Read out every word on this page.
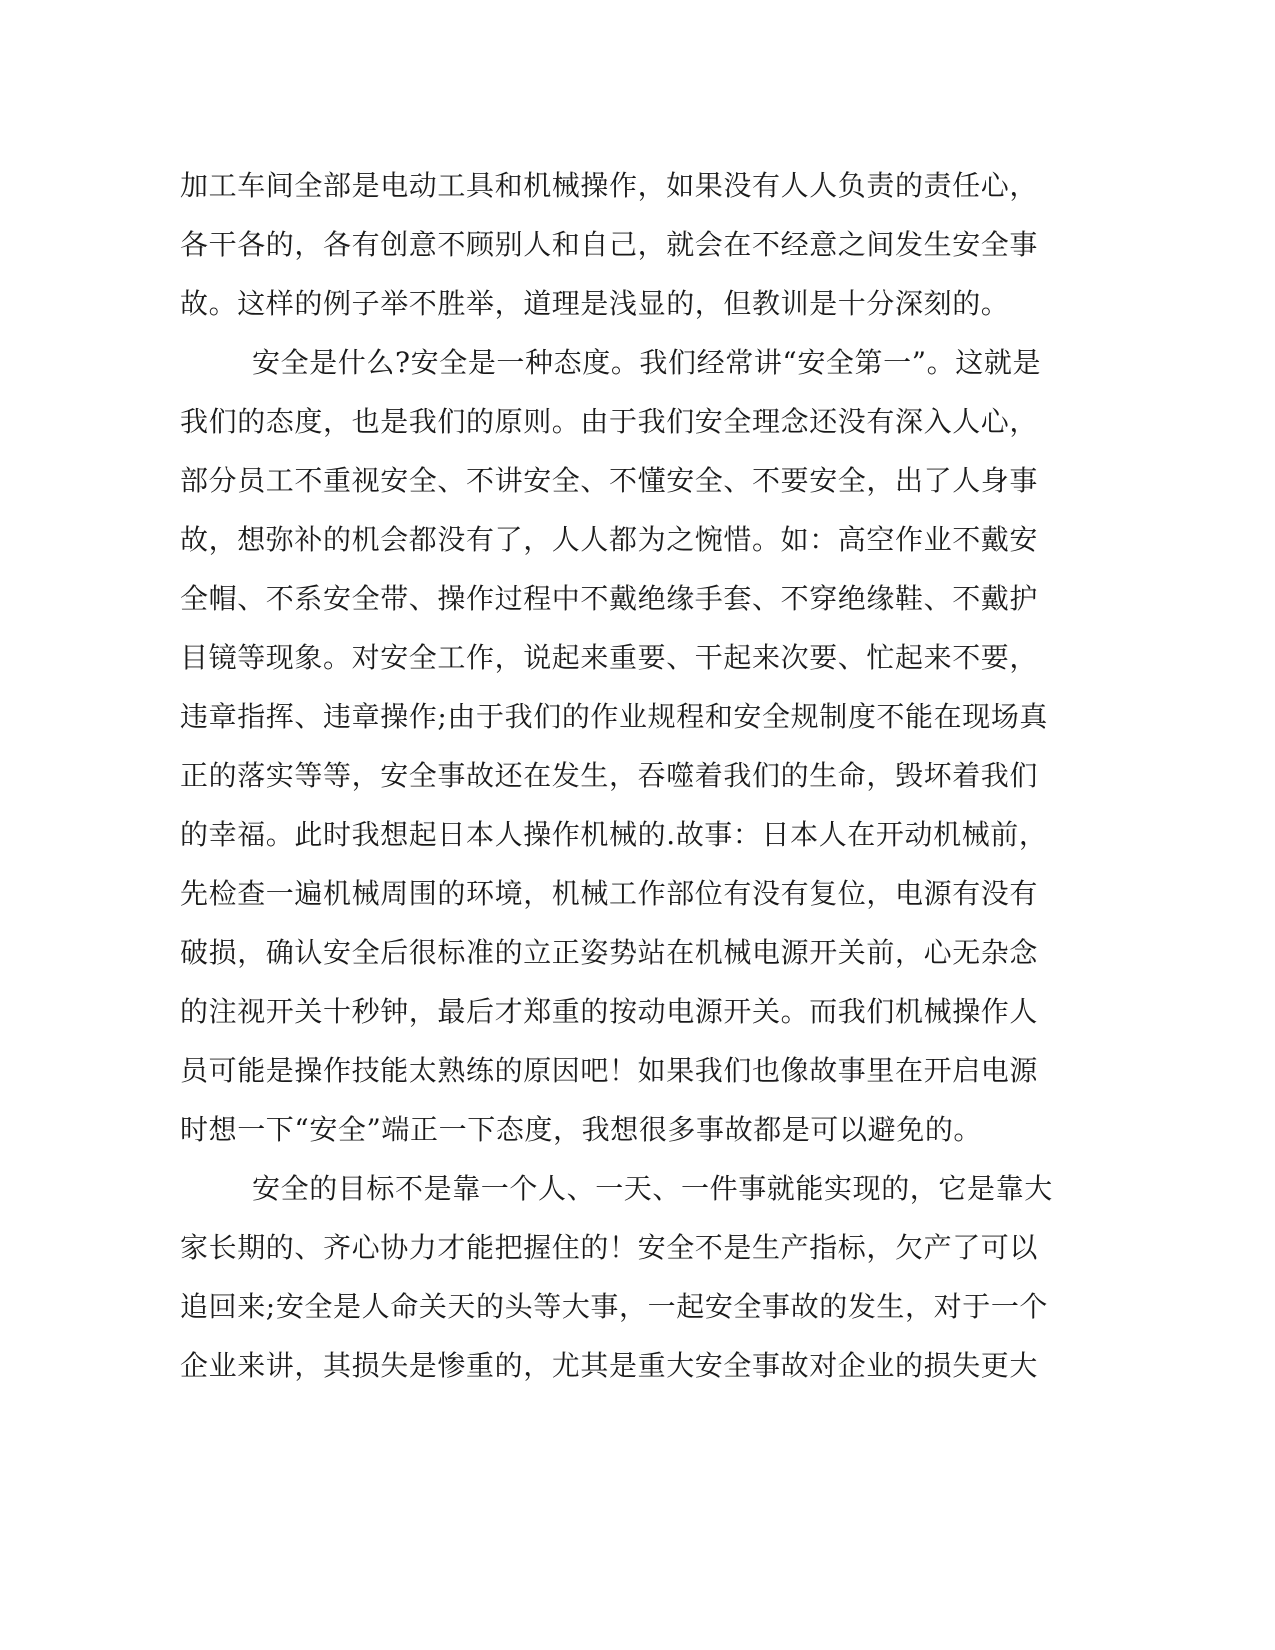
加工车间全部是电动工具和机械操作，如果没有人人负责的责任心，
各干各的，各有创意不顾别人和自己，就会在不经意之间发生安全事
故。这样的例子举不胜举，道理是浅显的，但教训是十分深刻的。
安全是什么?安全是一种态度。我们经常讲“安全第一”。这就是
我们的态度，也是我们的原则。由于我们安全理念还没有深入人心，
部分员工不重视安全、不讲安全、不懂安全、不要安全，出了人身事
故，想弥补的机会都没有了，人人都为之惋惜。如：高空作业不戴安
全帽、不系安全带、操作过程中不戴绝缘手套、不穿绝缘鞋、不戴护
目镜等现象。对安全工作，说起来重要、干起来次要、忙起来不要，
违章指挥、违章操作;由于我们的作业规程和安全规制度不能在现场真
正的落实等等，安全事故还在发生，吞噬着我们的生命，毁坏着我们
的幸福。此时我想起日本人操作机械的.故事：日本人在开动机械前，
先检查一遍机械周围的环境，机械工作部位有没有复位，电源有没有
破损，确认安全后很标准的立正姿势站在机械电源开关前，心无杂念
的注视开关十秒钟，最后才郑重的按动电源开关。而我们机械操作人
员可能是操作技能太熟练的原因吧！如果我们也像故事里在开启电源
时想一下“安全”端正一下态度，我想很多事故都是可以避免的。
安全的目标不是靠一个人、一天、一件事就能实现的，它是靠大
家长期的、齐心协力才能把握住的！安全不是生产指标，欠产了可以
追回来;安全是人命关天的头等大事，一起安全事故的发生，对于一个
企业来讲，其损失是惨重的，尤其是重大安全事故对企业的损失更大
